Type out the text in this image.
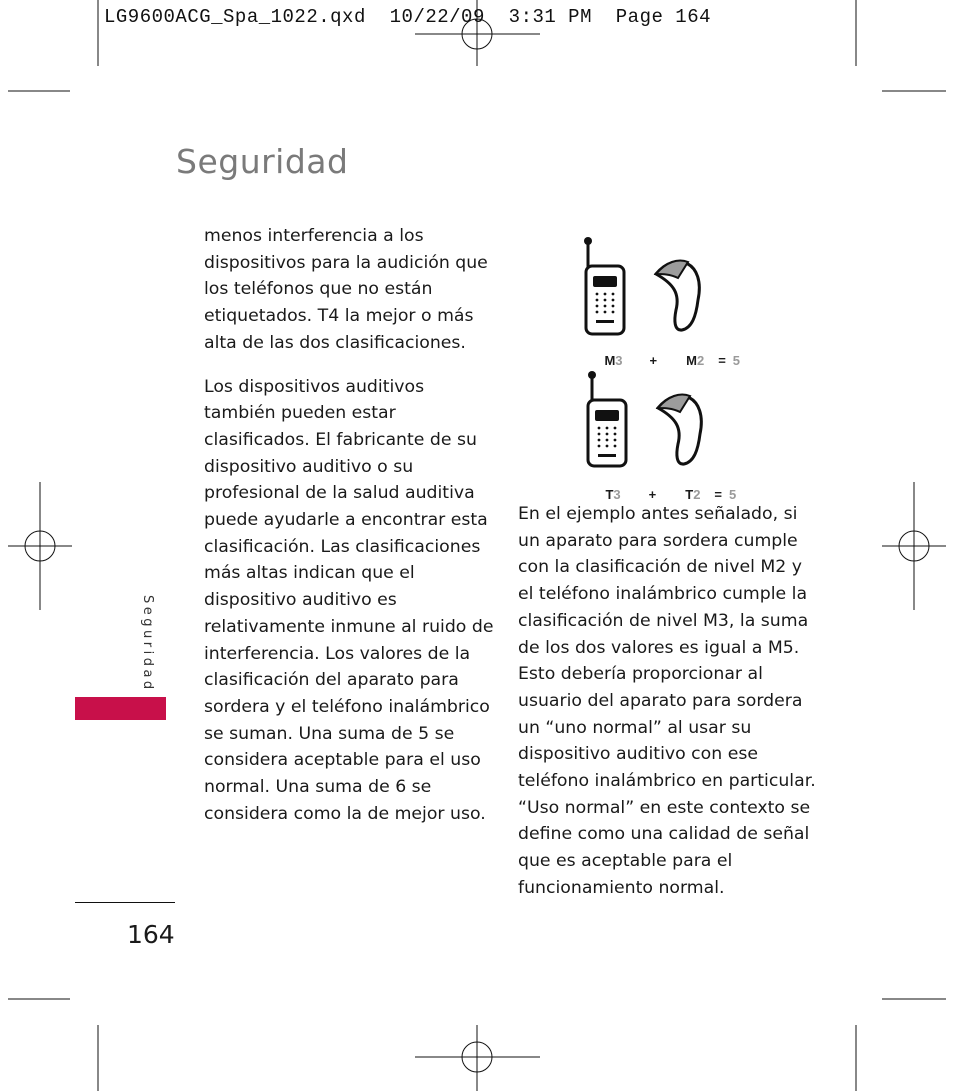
LG9600ACG_Spa_1022.qxd  10/22/09  3:31 PM  Page 164
Seguridad
Seguridad
164

menos interferencia a los
dispositivos para la audición que
los teléfonos que no están
etiquetados. T4 la mejor o más
alta de las dos clasificaciones.

Los dispositivos auditivos
también pueden estar
clasificados. El fabricante de su
dispositivo auditivo o su
profesional de la salud auditiva
puede ayudarle a encontrar esta
clasificación. Las clasificaciones
más altas indican que el
dispositivo auditivo es
relativamente inmune al ruido de
interferencia. Los valores de la
clasificación del aparato para
sordera y el teléfono inalámbrico
se suman. Una suma de 5 se
considera aceptable para el uso
normal. Una suma de 6 se
considera como la de mejor uso.

M3 + M2 = 5

T3 + T2 = 5

En el ejemplo antes señalado, si
un aparato para sordera cumple
con la clasificación de nivel M2 y
el teléfono inalámbrico cumple la
clasificación de nivel M3, la suma
de los dos valores es igual a M5.
Esto debería proporcionar al
usuario del aparato para sordera
un “uno normal” al usar su
dispositivo auditivo con ese
teléfono inalámbrico en particular.
“Uso normal” en este contexto se
define como una calidad de señal
que es aceptable para el
funcionamiento normal.
